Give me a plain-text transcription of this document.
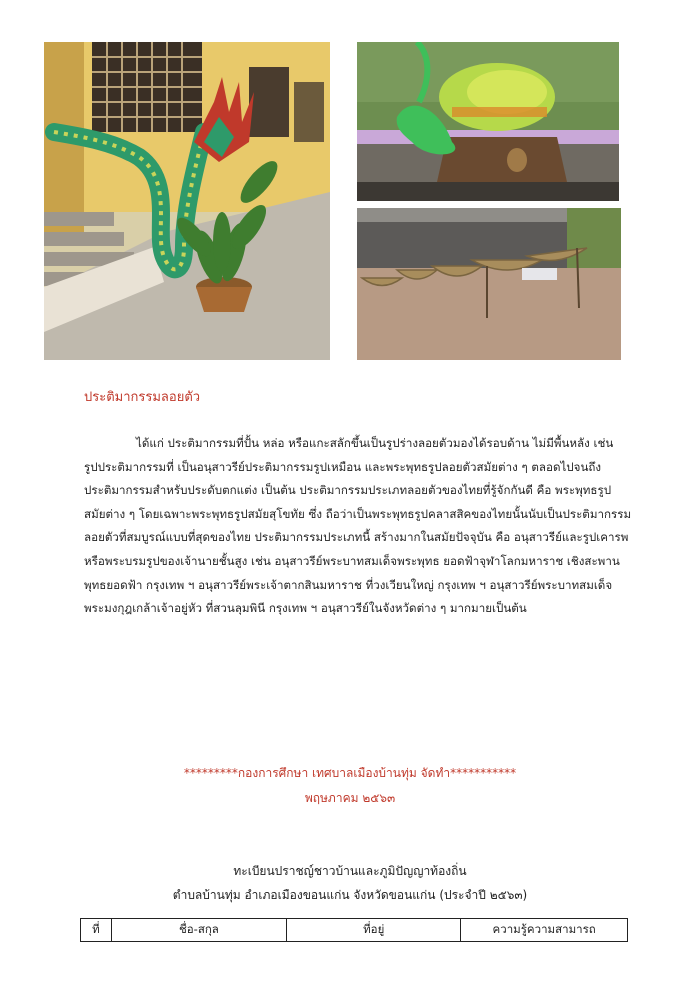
ประติมากรรมลอยตัว
ได้แก่ ประติมากรรมที่ปั้น หล่อ หรือแกะสลักขึ้นเป็นรูปร่างลอยตัวมองได้รอบด้าน ไม่มีพื้นหลัง เช่น
รูปประติมากรรมที่ เป็นอนุสาวรีย์ประติมากรรมรูปเหมือน และพระพุทธรูปลอยตัวสมัยต่าง ๆ ตลอดไปจนถึง
ประติมากรรมสำหรับประดับตกแต่ง เป็นต้น ประติมากรรมประเภทลอยตัวของไทยที่รู้จักกันดี คือ พระพุทธรูป
สมัยต่าง ๆ โดยเฉพาะพระพุทธรูปสมัยสุโขทัย ซึ่ง ถือว่าเป็นพระพุทธรูปคลาสสิคของไทยนั้นนับเป็นประติมากรรม
ลอยตัวที่สมบูรณ์แบบที่สุดของไทย ประติมากรรมประเภทนี้ สร้างมากในสมัยปัจจุบัน คือ อนุสาวรีย์และรูปเคารพ
หรือพระบรมรูปของเจ้านายชั้นสูง เช่น อนุสาวรีย์พระบาทสมเด็จพระพุทธ ยอดฟ้าจุฬาโลกมหาราช เชิงสะพาน
พุทธยอดฟ้า กรุงเทพ ฯ อนุสาวรีย์พระเจ้าตากสินมหาราช ที่วงเวียนใหญ่ กรุงเทพ ฯ อนุสาวรีย์พระบาทสมเด็จ
พระมงกุฎเกล้าเจ้าอยู่หัว ที่สวนลุมพินี กรุงเทพ ฯ อนุสาวรีย์ในจังหวัดต่าง ๆ มากมายเป็นต้น
*********กองการศึกษา เทศบาลเมืองบ้านทุ่ม จัดทำ***********
พฤษภาคม ๒๕๖๓
ทะเบียนปราชญ์ชาวบ้านและภูมิปัญญาท้องถิ่น
ตำบลบ้านทุ่ม อำเภอเมืองขอนแก่น จังหวัดขอนแก่น (ประจำปี ๒๕๖๓)
ที่	ชื่อ-สกุล	ที่อยู่	ความรู้ความสามารถ
